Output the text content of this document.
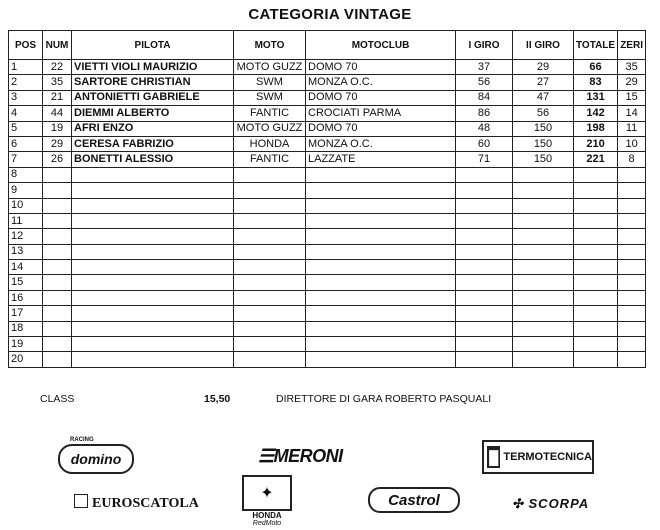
CATEGORIA VINTAGE
POS	NUM	PILOTA	MOTO	MOTOCLUB	I GIRO	II GIRO	TOTALE	ZERI
1	22	VIETTI VIOLI MAURIZIO	MOTO GUZZ	DOMO 70	37	29	66	35
2	35	SARTORE CHRISTIAN	SWM	MONZA O.C.	56	27	83	29
3	21	ANTONIETTI GABRIELE	SWM	DOMO 70	84	47	131	15
4	44	DIEMMI ALBERTO	FANTIC	CROCIATI PARMA	86	56	142	14
5	19	AFRI ENZO	MOTO GUZZ	DOMO 70	48	150	198	11
6	29	CERESA FABRIZIO	HONDA	MONZA O.C.	60	150	210	10
7	26	BONETTI ALESSIO	FANTIC	LAZZATE	71	150	221	8
8								
9								
10								
11								
12								
13								
14								
15								
16								
17								
18								
19								
20								
CLASS	15,50	DIRETTORE DI GARA ROBERTO PASQUALI
RACING
domino	☰MERONI	█ TERMOTECNICA
EUROSCATOLA
✦
HONDA
RedMoto
Castrol	✣ SCORPA
